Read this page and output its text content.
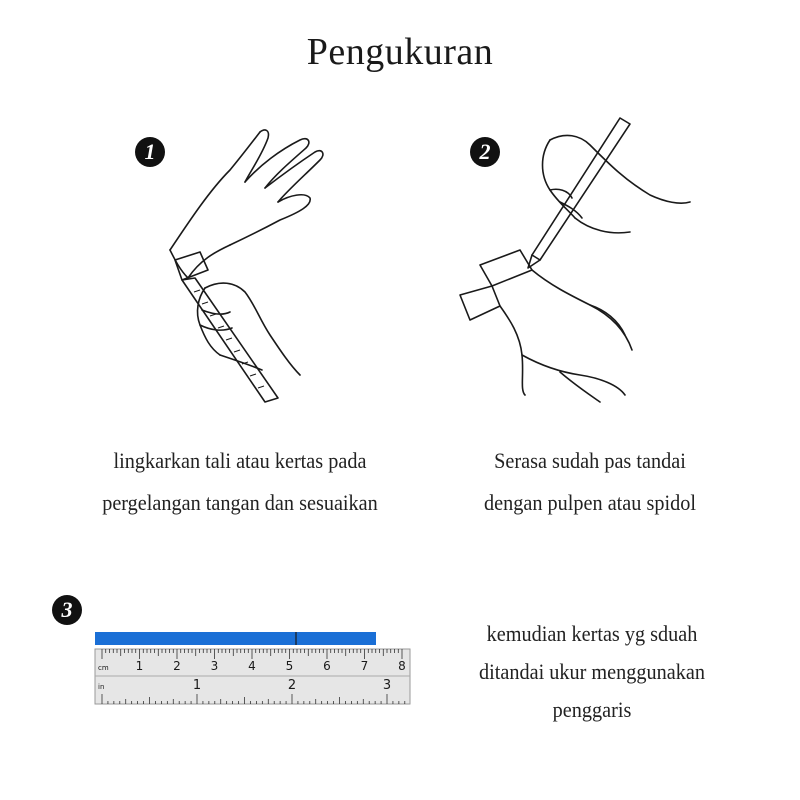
Pengukuran
1
lingkarkan tali atau kertas pada
pergelangan tangan dan sesuaikan
2
Serasa sudah pas tandai
dengan pulpen atau spidol
3
1 2 3 4 5 6 7 8
cm
1	2	3
in
kemudian kertas yg sduah
ditandai ukur menggunakan
penggaris
